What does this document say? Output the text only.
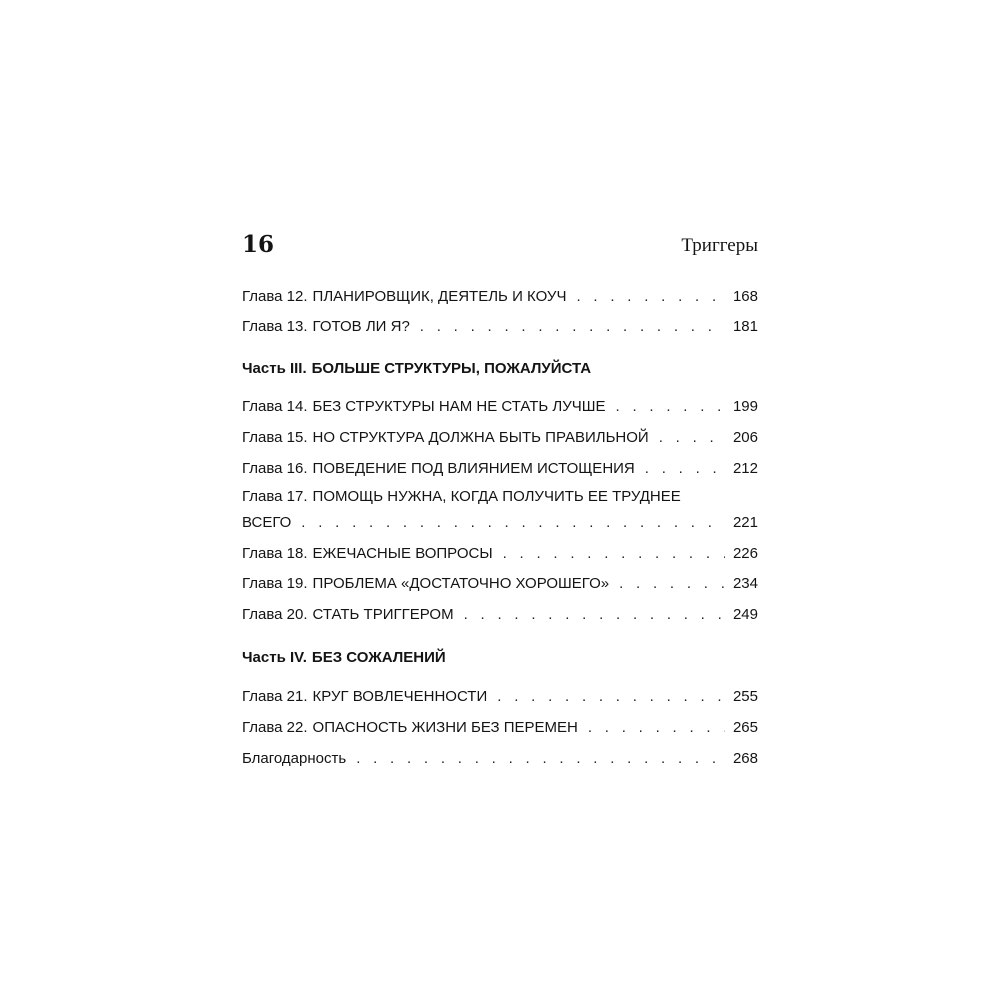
16	Триггеры
Глава 12. ПЛАНИРОВЩИК, ДЕЯТЕЛЬ И КОУЧ . . .	168
Глава 13. ГОТОВ ЛИ Я? . . .	181
Часть III. БОЛЬШЕ СТРУКТУРЫ, ПОЖАЛУЙСТА
Глава 14. БЕЗ СТРУКТУРЫ НАМ НЕ СТАТЬ ЛУЧШЕ . . .	199
Глава 15. НО СТРУКТУРА ДОЛЖНА БЫТЬ ПРАВИЛЬНОЙ . . .	206
Глава 16. ПОВЕДЕНИЕ ПОД ВЛИЯНИЕМ ИСТОЩЕНИЯ . . .	212
Глава 17. ПОМОЩЬ НУЖНА, КОГДА ПОЛУЧИТЬ ЕЕ ТРУДНЕЕ
ВСЕГО . . .	221
Глава 18. ЕЖЕЧАСНЫЕ ВОПРОСЫ . . .	226
Глава 19. ПРОБЛЕМА «ДОСТАТОЧНО ХОРОШЕГО» . . .	234
Глава 20. СТАТЬ ТРИГГЕРОМ . . .	249
Часть IV. БЕЗ СОЖАЛЕНИЙ
Глава 21. КРУГ ВОВЛЕЧЕННОСТИ . . .	255
Глава 22. ОПАСНОСТЬ ЖИЗНИ БЕЗ ПЕРЕМЕН . . .	265
Благодарность . . .	268
